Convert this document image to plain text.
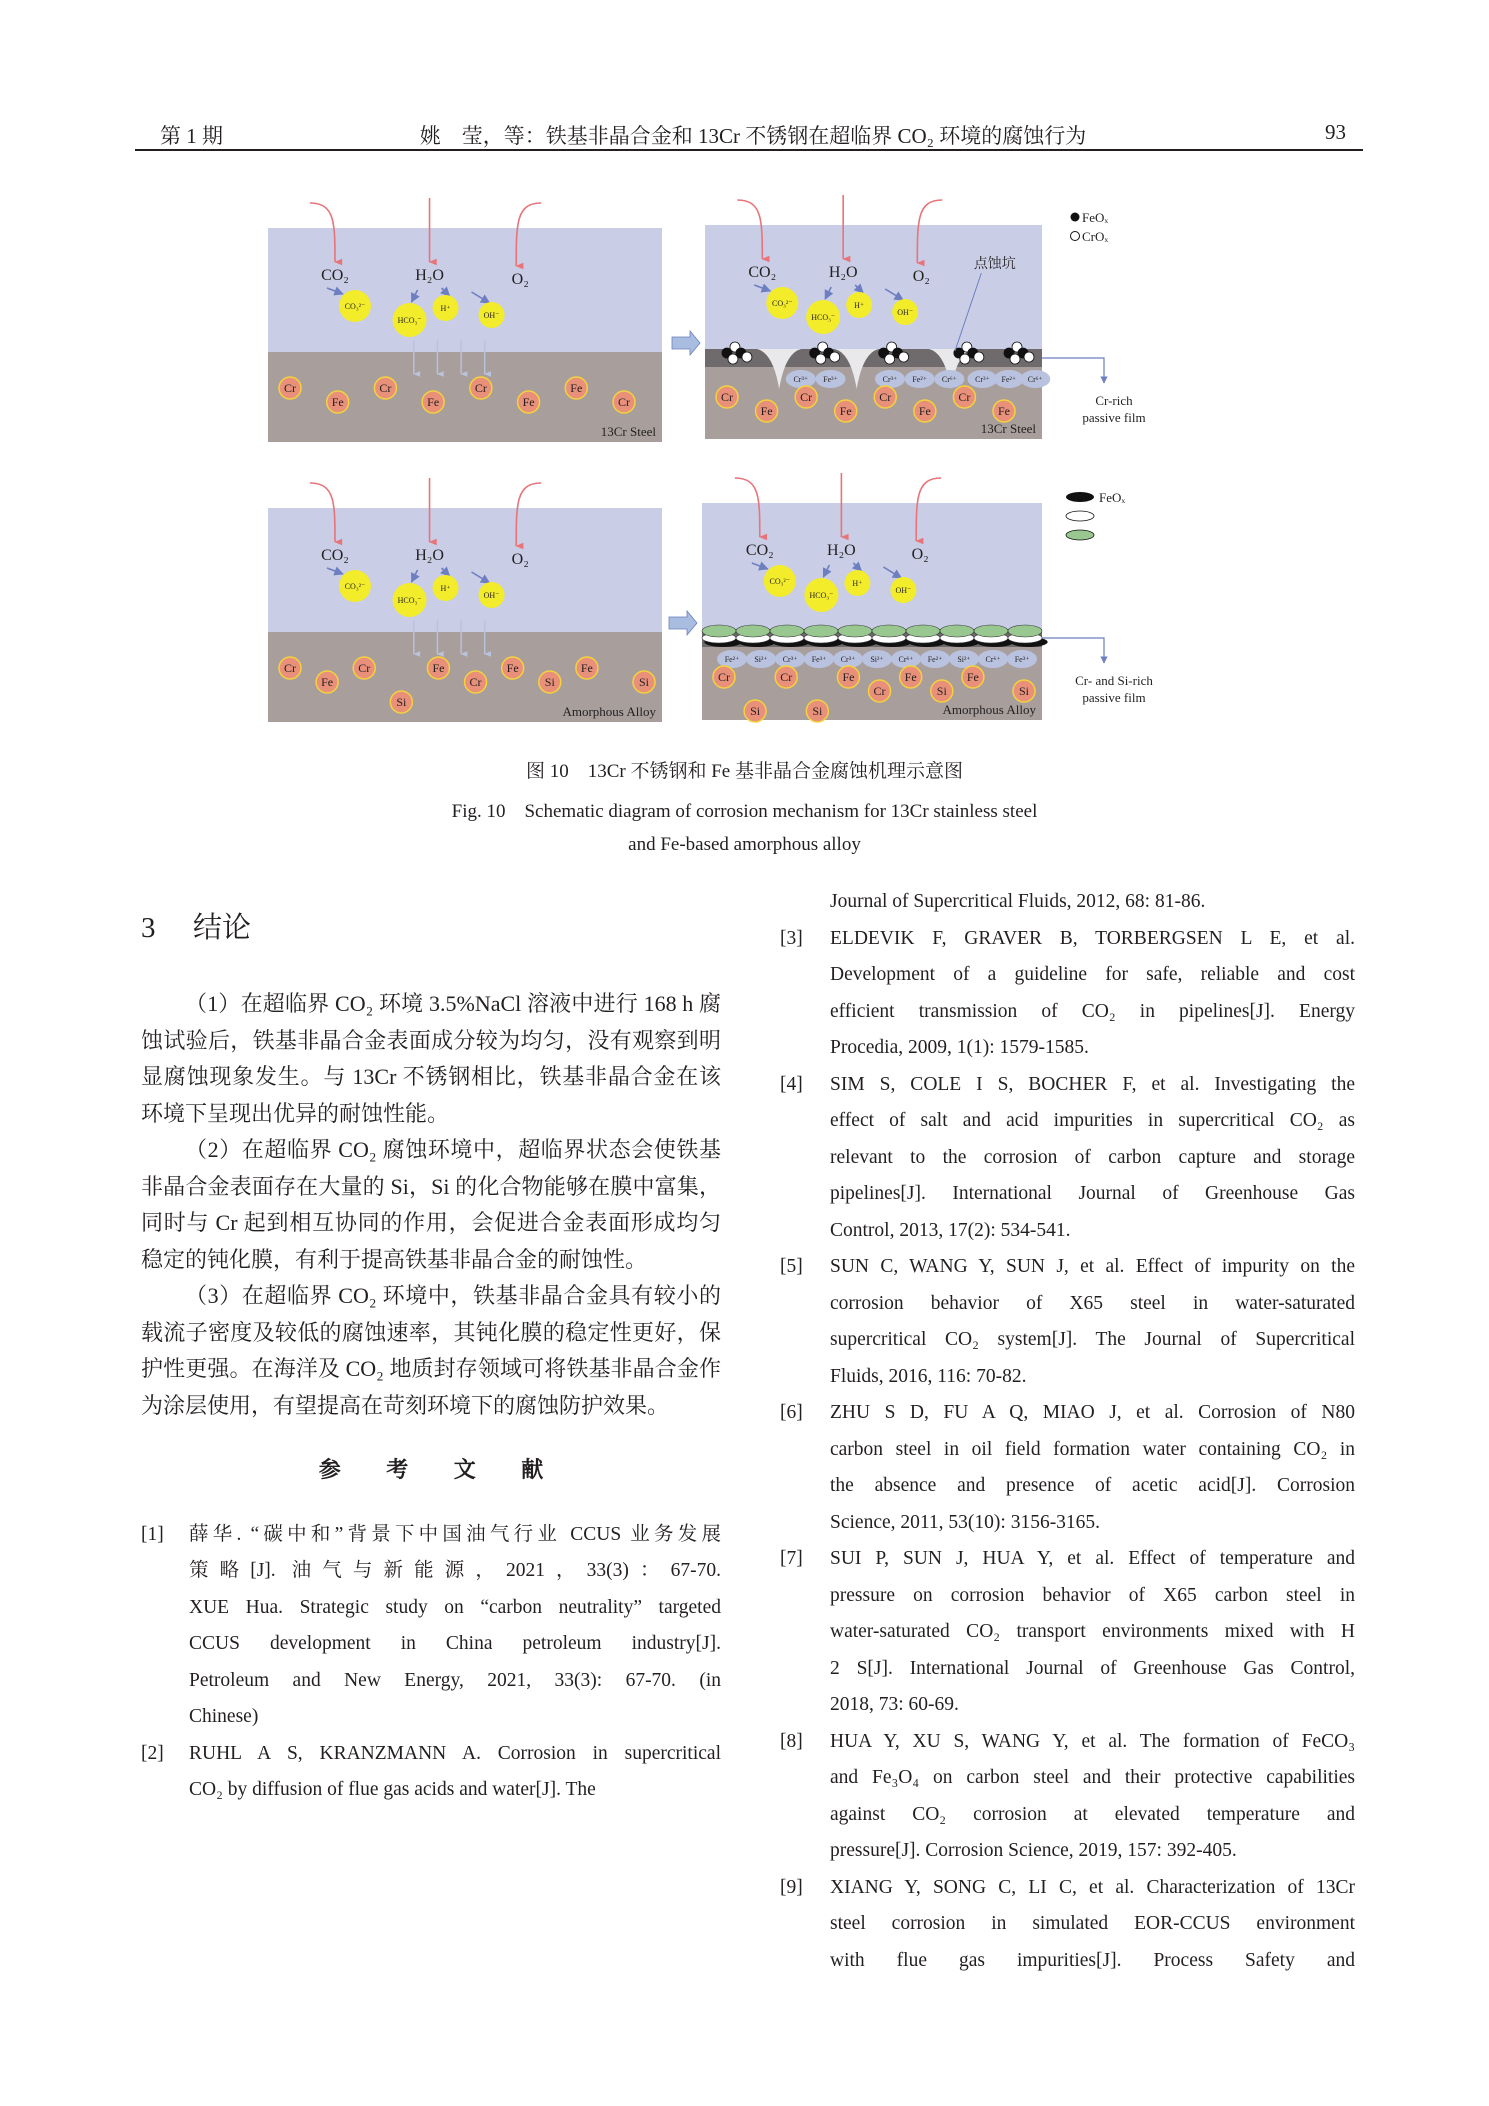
第 1 期	姚　莹，等：铁基非晶合金和 13Cr 不锈钢在超临界 CO₂ 环境的腐蚀行为	93
CO₂	H₂O	O₂
CO₃²⁻
HCO₃⁻
H⁺
OH⁻
Cr
Fe
Cr
Fe
Cr
Fe
Fe
Cr
13Cr Steel
CO₂	H₂O	O₂
CO₃²⁻
HCO₃⁻
H⁺
OH⁻
Cr³⁺ Fe³⁺	Cr³⁺ Fe²⁺ Cr⁶⁺ Cr³⁺ Fe²⁺ Cr⁶⁺
Cr-rich
passive film
FeOₓ
CrOₓ
点蚀坑
Cr
Fe
Cr
Fe
Cr
Fe
Cr
Fe
13Cr Steel
CO₂	H₂O	O₂
CO₃²⁻
HCO₃⁻
H⁺
OH⁻
Cr
Fe
Cr
Si
Fe
Cr
Fe
Si
Fe
Si
Amorphous Alloy
CO₂	H₂O	O₂
CO₃²⁻
HCO₃⁻
H⁺
OH⁻
Fe²⁺ Si²⁺ Cr³⁺ Fe³⁺ Cr³⁺ Si²⁺ Cr⁶⁺ Fe²⁺ Si²⁺ Cr⁶⁺ Fe³⁺
Cr- and Si-rich
passive film
FeOₓ
Cr
Si
Cr
Si
Fe
Cr
Fe
Si
Fe
Si
Amorphous Alloy
图 10　13Cr 不锈钢和 Fe 基非晶合金腐蚀机理示意图
Fig. 10　Schematic diagram of corrosion mechanism for 13Cr stainless steel
and Fe-based amorphous alloy
3 结论

（1）在超临界 CO₂ 环境 3.5%NaCl 溶液中进行 168 h 腐蚀试验后，铁基非晶合金表面成分较为均匀，没有观察到明显腐蚀现象发生。与 13Cr 不锈钢相比，铁基非晶合金在该环境下呈现出优异的耐蚀性能。

（2）在超临界 CO₂ 腐蚀环境中，超临界状态会使铁基非晶合金表面存在大量的 Si，Si 的化合物能够在膜中富集，同时与 Cr 起到相互协同的作用，会促进合金表面形成均匀稳定的钝化膜，有利于提高铁基非晶合金的耐蚀性。

（3）在超临界 CO₂ 环境中，铁基非晶合金具有较小的载流子密度及较低的腐蚀速率，其钝化膜的稳定性更好，保护性更强。在海洋及 CO₂ 地质封存领域可将铁基非晶合金作为涂层使用，有望提高在苛刻环境下的腐蚀防护效果。

参 考 文 献
[1] 薛华. “碳中和”背景下中国油气行业 CCUS 业务发展
策略[J]. 油气与新能源，2021，33(3)：67-70.
XUE Hua. Strategic study on “carbon neutrality” targeted
CCUS development in China petroleum industry[J].
Petroleum and New Energy, 2021, 33(3): 67-70. (in
Chinese)
[2] RUHL A S, KRANZMANN A. Corrosion in supercritical
CO₂ by diffusion of flue gas acids and water[J]. The
Journal of Supercritical Fluids, 2012, 68: 81-86.
[3] ELDEVIK F, GRAVER B, TORBERGSEN L E, et al.
Development of a guideline for safe, reliable and cost
efficient transmission of CO₂ in pipelines[J]. Energy
Procedia, 2009, 1(1): 1579-1585.
[4] SIM S, COLE I S, BOCHER F, et al. Investigating the
effect of salt and acid impurities in supercritical CO₂ as
relevant to the corrosion of carbon capture and storage
pipelines[J]. International Journal of Greenhouse Gas
Control, 2013, 17(2): 534-541.
[5] SUN C, WANG Y, SUN J, et al. Effect of impurity on the
corrosion behavior of X65 steel in water-saturated
supercritical CO₂ system[J]. The Journal of Supercritical
Fluids, 2016, 116: 70-82.
[6] ZHU S D, FU A Q, MIAO J, et al. Corrosion of N80
carbon steel in oil field formation water containing CO₂ in
the absence and presence of acetic acid[J]. Corrosion
Science, 2011, 53(10): 3156-3165.
[7] SUI P, SUN J, HUA Y, et al. Effect of temperature and
pressure on corrosion behavior of X65 carbon steel in
water-saturated CO₂ transport environments mixed with H
2 S[J]. International Journal of Greenhouse Gas Control,
2018, 73: 60-69.
[8] HUA Y, XU S, WANG Y, et al. The formation of FeCO₃
and Fe₃O₄ on carbon steel and their protective capabilities
against CO₂ corrosion at elevated temperature and
pressure[J]. Corrosion Science, 2019, 157: 392-405.
[9] XIANG Y, SONG C, LI C, et al. Characterization of 13Cr
steel corrosion in simulated EOR-CCUS environment
with flue gas impurities[J]. Process Safety and
